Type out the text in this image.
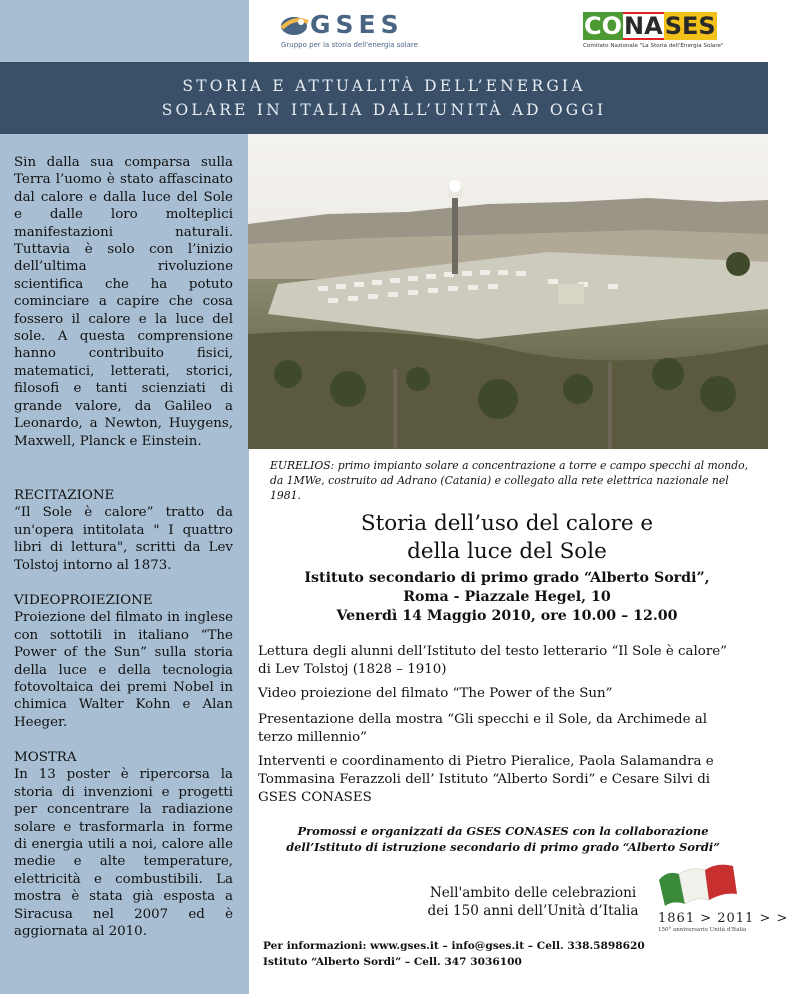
GSES
Gruppo per la storia dell'energia solare
CO NA SES
Comitato Nazionale "La Storia dell'Energia Solare"
STORIA E ATTUALITÀ DELL’ENERGIA
SOLARE IN ITALIA DALL’UNITÀ AD OGGI

Sin dalla sua comparsa sulla Terra l’uomo è stato affascinato dal calore e dalla luce del Sole e dalle loro molteplici manifestazioni naturali. Tuttavia è solo con l’inizio dell’ultima rivoluzione scientifica che ha potuto cominciare a capire che cosa fossero il calore e la luce del sole. A questa comprensione hanno contribuito fisici, matematici, letterati, storici, filosofi e tanti scienziati di grande valore, da Galileo a Leonardo, a Newton, Huygens, Maxwell, Planck e Einstein.

RECITAZIONE

“Il Sole è calore” tratto da un'opera intitolata " I quattro libri di lettura", scritti da Lev Tolstoj intorno al 1873.

VIDEOPROIEZIONE

Proiezione del filmato in inglese con sottotili in italiano “The Power of the Sun” sulla storia della luce e della tecnologia fotovoltaica dei premi Nobel in chimica Walter Kohn e Alan Heeger.

MOSTRA

In 13 poster è ripercorsa la storia di invenzioni e progetti per concentrare la radiazione solare e trasformarla in forme di energia utili a noi, calore alle medie e alte temperature, elettricità e combustibili. La mostra è stata già esposta a Siracusa nel 2007 ed è aggiornata al 2010.

EURELIOS: primo impianto solare a concentrazione a torre e campo specchi al mondo, da 1MWe, costruito ad Adrano (Catania) e collegato alla rete elettrica nazionale nel 1981.
Storia dell’uso del calore e
della luce del Sole
Istituto secondario di primo grado “Alberto Sordi”,
Roma - Piazzale Hegel, 10
Venerdì 14 Maggio 2010, ore 10.00 – 12.00
Lettura degli alunni dell’Istituto del testo letterario “Il Sole è calore” di Lev Tolstoj (1828 – 1910)
Video proiezione del filmato “The Power of the Sun”
Presentazione della mostra “Gli specchi e il Sole, da Archimede al terzo millennio”
Interventi e coordinamento di Pietro Pieralice, Paola Salamandra e Tommasina Ferazzoli dell’ Istituto “Alberto Sordi” e Cesare Silvi di GSES CONASES
Promossi e organizzati da GSES CONASES con la collaborazione
dell’Istituto di istruzione secondario di primo grado “Alberto Sordi”
Nell'ambito delle celebrazioni
dei 150 anni dell’Unità d’Italia	1861 > 2011 > >
150° anniversario Unità d'Italia
Per informazioni: www.gses.it – info@gses.it – Cell. 338.5898620
Istituto “Alberto Sordi” – Cell. 347 3036100
